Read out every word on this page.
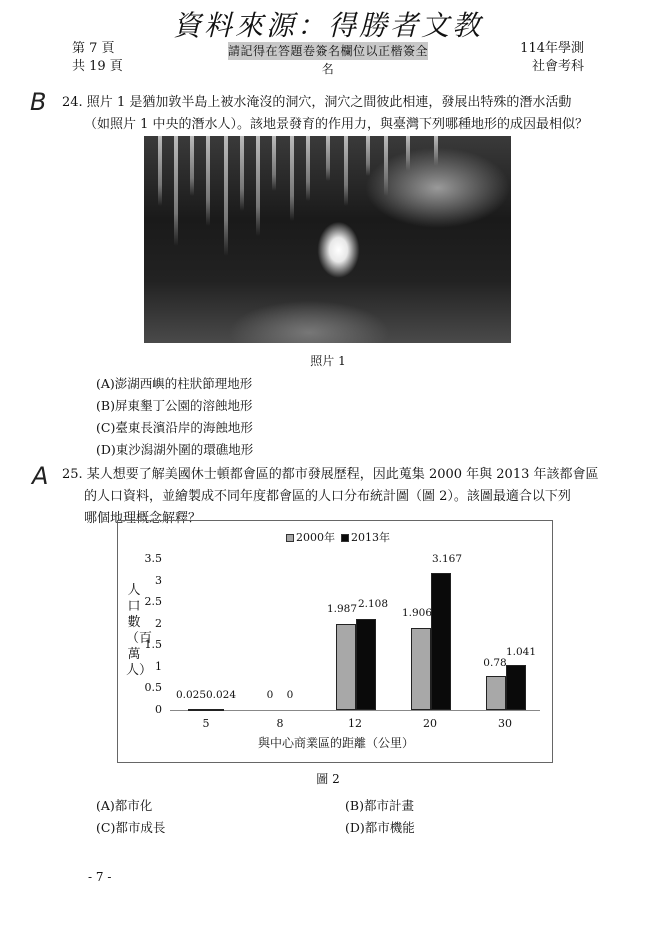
資料來源：得勝者文教
第 7 頁
共 19 頁
請記得在答題卷簽名欄位以正楷簽全名
114年學測
社會考科
B 24. 照片 1 是猶加敦半島上被水淹沒的洞穴，洞穴之間彼此相連，發展出特殊的潛水活動
（如照片 1 中央的潛水人）。該地景發育的作用力，與臺灣下列哪種地形的成因最相似？
照片 1
(A)澎湖西嶼的柱狀節理地形
(B)屏東墾丁公園的溶蝕地形
(C)臺東長濱沿岸的海蝕地形
(D)東沙潟湖外圍的環礁地形
A 25. 某人想要了解美國休士頓都會區的都市發展歷程，因此蒐集 2000 年與 2013 年該都會區
的人口資料，並繪製成不同年度都會區的人口分布統計圖（圖 2）。該圖最適合以下列
哪個地理概念解釋？
2000年	2013年
人口數（百萬人）
0
0.5
1
1.5
2
2.5
3
3.5
0.025 0.024
5
0	0
8
1.987 2.108
12
1.906
3.167
20
0.78
1.041
30
與中心商業區的距離（公里）
圖 2
(A)都市化	(B)都市計畫
(C)都市成長	(D)都市機能
- 7 -
